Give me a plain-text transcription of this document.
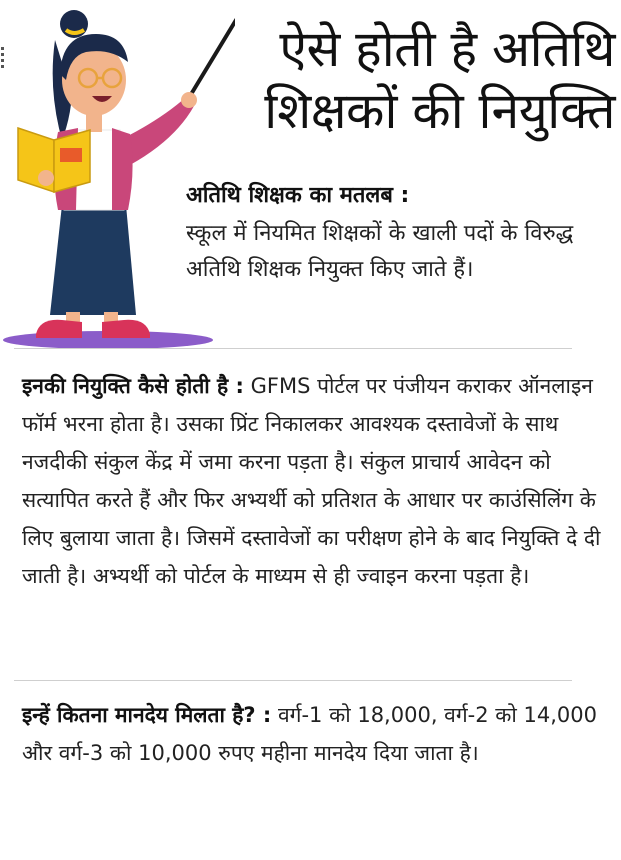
ऐसे होती है अतिथि
शिक्षकों की नियुक्ति
अतिथि शिक्षक का मतलब :
स्कूल में नियमित शिक्षकों के खाली पदों के विरुद्ध अतिथि शिक्षक नियुक्त किए जाते हैं।
इनकी नियुक्ति कैसे होती है : GFMS पोर्टल पर पंजीयन कराकर ऑनलाइन फॉर्म भरना होता है। उसका प्रिंट निकालकर आवश्यक दस्तावेजों के साथ नजदीकी संकुल केंद्र में जमा करना पड़ता है। संकुल प्राचार्य आवेदन को सत्यापित करते हैं और फिर अभ्यर्थी को प्रतिशत के आधार पर काउंसिलिंग के लिए बुलाया जाता है। जिसमें दस्तावेजों का परीक्षण होने के बाद नियुक्ति दे दी जाती है। अभ्यर्थी को पोर्टल के माध्यम से ही ज्वाइन करना पड़ता है।
इन्हें कितना मानदेय मिलता है? : वर्ग-1 को 18,000, वर्ग-2 को 14,000 और वर्ग-3 को 10,000 रुपए महीना मानदेय दिया जाता है।
